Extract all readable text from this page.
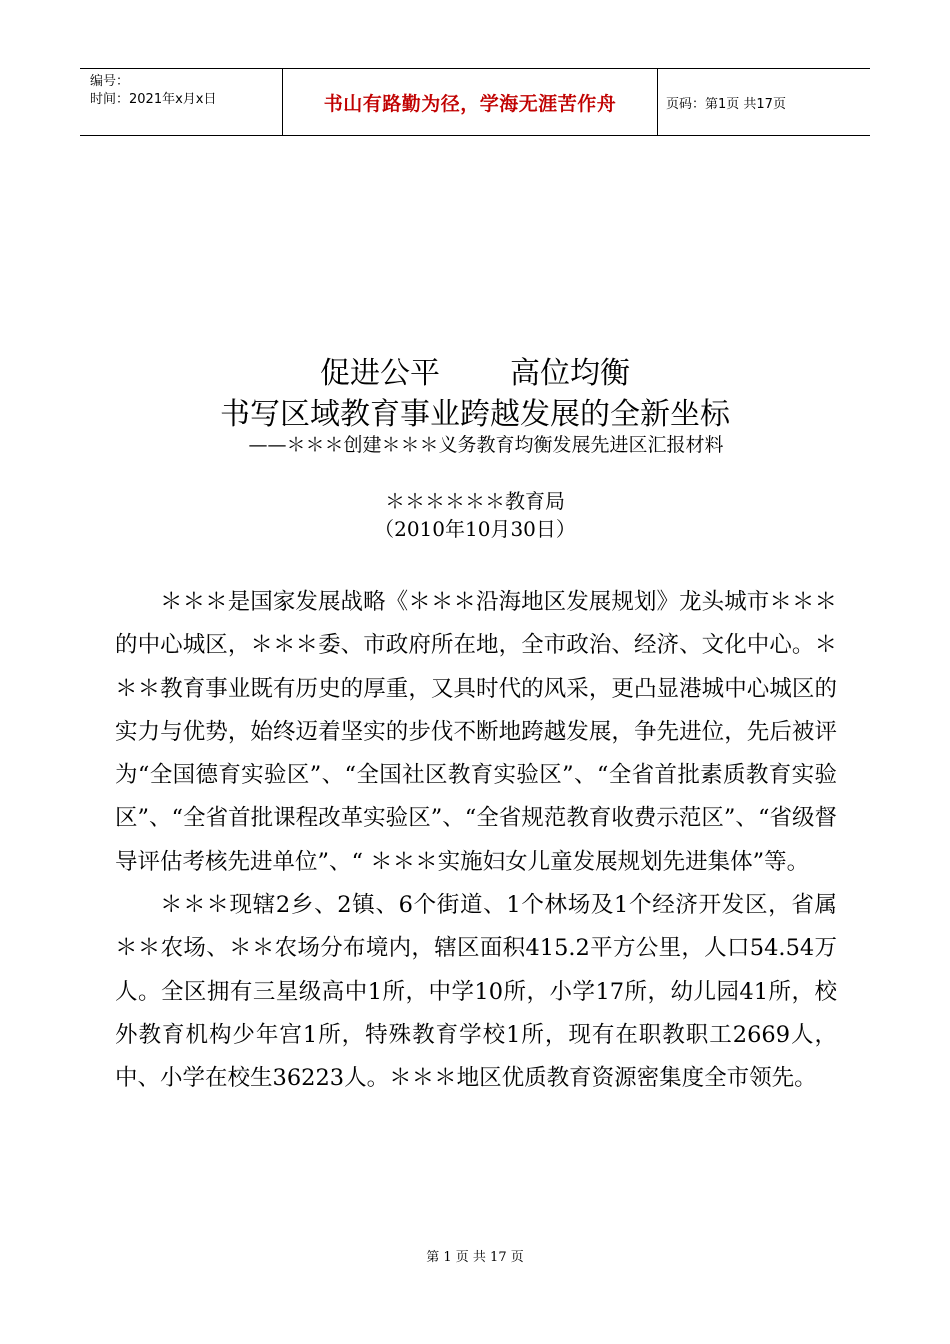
编号：
时间：2021年x月x日	书山有路勤为径，学海无涯苦作舟	页码：第1页 共17页
促进公平 高位均衡
书写区域教育事业跨越发展的全新坐标
——＊＊＊创建＊＊＊义务教育均衡发展先进区汇报材料
＊＊＊＊＊＊教育局
（2010年10月30日）

＊＊＊是国家发展战略《＊＊＊沿海地区发展规划》龙头城市＊＊＊的中心城区，＊＊＊委、市政府所在地，全市政治、经济、文化中心。＊＊＊教育事业既有历史的厚重，又具时代的风采，更凸显港城中心城区的实力与优势，始终迈着坚实的步伐不断地跨越发展，争先进位，先后被评为“全国德育实验区”、“全国社区教育实验区”、“全省首批素质教育实验区”、“全省首批课程改革实验区”、“全省规范教育收费示范区”、“省级督导评估考核先进单位”、“ ＊＊＊实施妇女儿童发展规划先进集体”等。

＊＊＊现辖2乡、2镇、6个街道、1个林场及1个经济开发区，省属＊＊农场、＊＊农场分布境内，辖区面积415.2平方公里，人口54.54万人。全区拥有三星级高中1所，中学10所，小学17所，幼儿园41所，校外教育机构少年宫1所，特殊教育学校1所，现有在职教职工2669人，中、小学在校生36223人。＊＊＊地区优质教育资源密集度全市领先。

第 1 页 共 17 页
